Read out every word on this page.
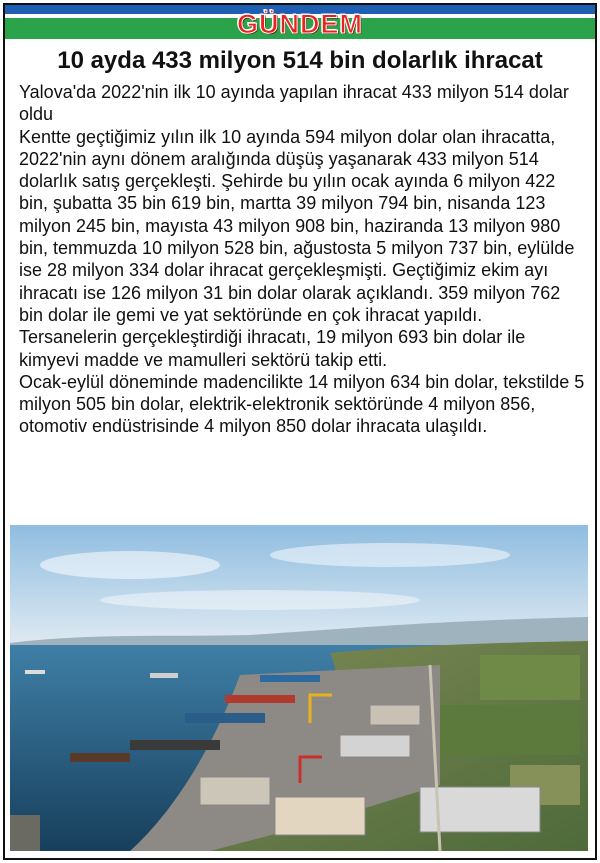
GÜNDEM
10 ayda 433 milyon 514 bin dolarlık ihracat

Yalova'da 2022'nin ilk 10 ayında yapılan ihracat 433 milyon 514 dolar oldu

Kentte geçtiğimiz yılın ilk 10 ayında 594 milyon dolar olan ihracatta, 2022'nin aynı dönem aralığında düşüş yaşanarak 433 milyon 514 dolarlık satış gerçekleşti. Şehirde bu yılın ocak ayında 6 milyon 422 bin, şubatta 35 bin 619 bin, martta 39 milyon 794 bin, nisanda 123 milyon 245 bin, mayısta 43 milyon 908 bin, haziranda 13 milyon 980 bin, temmuzda 10 milyon 528 bin, ağustosta 5 milyon 737 bin, eylülde ise 28 milyon 334 dolar ihracat gerçekleşmişti. Geçtiğimiz ekim ayı ihracatı ise 126 milyon 31 bin dolar olarak açıklandı. 359 milyon 762 bin dolar ile gemi ve yat sektöründe en çok ihracat yapıldı.

Tersanelerin gerçekleştirdiği ihracatı, 19 milyon 693 bin dolar ile kimyevi madde ve mamulleri sektörü takip etti.

Ocak-eylül döneminde madencilikte 14 milyon 634 bin dolar, tekstilde 5 milyon 505 bin dolar, elektrik-elektronik sektöründe 4 milyon 856, otomotiv endüstrisinde 4 milyon 850 dolar ihracata ulaşıldı.
